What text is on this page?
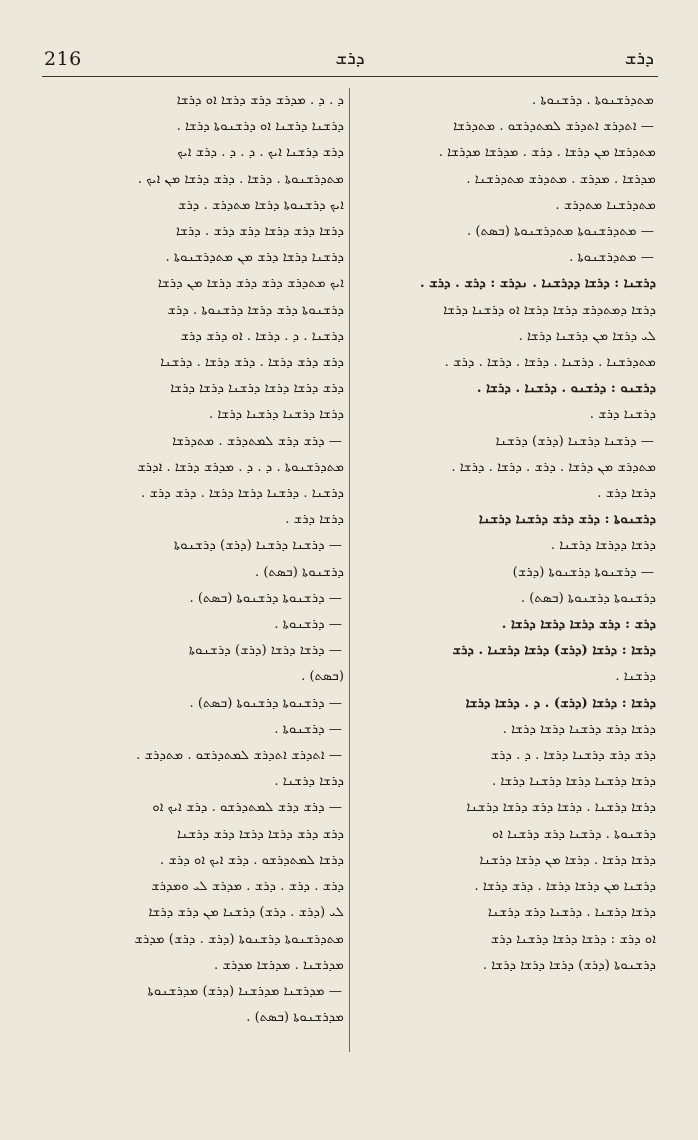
216	ܕܪܫ	ܕܪܫ
ܡܬܕܪܫܢܘܬܐ . ܕܪܫܢܘܬܐ .
— ܐܬܕܪܫ ܐܬܕܪܫ ܠܡܬܕܪܫܘ . ܡܬܕܪܫܐ
ܡܬܕܪܫܐ ܡܢ ܕܪܫܐ . ܕܪܫ . ܡܕܪܫܐ ܡܕܪܫܐ .
ܡܕܪܫܐ . ܡܕܪܫ . ܡܬܕܪܫ ܡܬܕܪܫܢܐ .
ܡܬܕܪܫܢܐ ܡܬܕܪܫ .
— ܡܬܕܪܫܢܘܬܐ ܡܬܕܪܫܢܘܬܐ (ܒܣܬ) .
— ܡܬܕܪܫܢܘܬܐ .
ܕܪܫܢܐ : ܕܪܫܐ ܕܕܪܫܢܐ . ܢܕܪܫ : ܕܪܫ . ܕܪܫ .
ܕܪܫܐ ܕܡܬܕܪܫ ܕܪܫܐ ܕܪܫܐ ܐܘ ܕܪܫܢܐ ܕܪܫܐ
ܠܝ ܕܪܫܐ ܡܢ ܕܪܫܢܐ ܕܪܫܐ .
ܡܬܕܪܫܢܐ . ܕܪܫܢܐ . ܕܪܫܐ . ܕܪܫܐ . ܕܪܫ .
ܕܪܫܢܘ : ܕܪܫܢܘ . ܕܪܫܢܐ . ܕܪܫܐ .
ܕܪܫܢܐ ܕܪܫ .
— ܕܪܫܢܐ ܕܪܫܢܐ (ܕܪܫ) ܕܪܫܢܐ
ܡܬܕܪܫ ܡܢ ܕܪܫܐ . ܕܪܫ . ܕܪܫܐ . ܕܪܫܐ .
ܕܪܫܐ ܕܪܫ .
ܕܪܫܢܘܬܐ : ܕܪܫ ܕܪܫ ܕܪܫܢܐ ܕܪܫܢܐ
ܕܪܫܐ ܕܕܪܫܐ ܕܪܫܢܐ .
— ܕܪܫܢܘܬܐ ܕܪܫܢܘܬܐ (ܕܪܫ)
ܕܪܫܢܘܬܐ ܕܪܫܢܘܬܐ (ܒܣܬ) .
ܕܪܫ : ܕܪܫ ܕܪܫܐ ܕܪܫܐ ܕܪܫܐ .
ܕܪܫܐ : ܕܪܫܐ (ܕܪܫ) ܕܪܫܐ ܕܪܫܢܐ . ܕܪܫ
ܕܪܫܢܐ .
ܕܪܫܐ : ܕܪܫܐ (ܕܪܫ) . ܕ . ܕܪܫܐ ܕܪܫܐ
ܕܪܫܐ ܕܪܫ ܕܪܫܢܐ ܕܪܫܐ ܕܪܫܐ .
ܕܪܫ ܕܪܫ ܕܪܫܢܐ ܕܪܫܐ . ܕ . ܕܪܫ
ܕܪܫܐ ܕܪܫܢܐ ܕܪܫܐ ܕܪܫܢܐ ܕܪܫܐ .
ܕܪܫܐ ܕܪܫܢܐ . ܕܪܫܐ ܕܪܫ ܕܪܫܐ ܕܪܫܢܐ
ܕܪܫܢܘܬܐ . ܕܪܫܢܐ ܕܪܫ ܕܪܫܢܐ ܐܘ
ܕܪܫܐ ܕܪܫܐ . ܕܪܫܐ ܡܢ ܕܪܫܐ ܕܪܫܢܐ
ܕܪܫܢܐ ܡܢ ܕܪܫܐ ܕܪܫܐ . ܕܪܫ ܕܪܫܐ .
ܕܪܫܐ ܕܪܫܢܐ . ܕܪܫܢܐ ܕܪܫ ܕܪܫܢܐ
ܐܘ ܕܪܫ : ܕܪܫܐ ܕܪܫܐ ܕܪܫܢܐ ܕܪܫ
ܕܪܫܢܘܬܐ (ܕܪܫ) ܕܪܫܐ ܕܪܫܐ ܕܪܫܐ .
ܕ . ܕ . ܡܕܪܫ ܕܪܫ ܕܪܫܐ ܐܘ ܕܪܫܐ
ܕܪܫܢܐ ܕܪܫܢܐ ܐܘ ܕܪܫܢܘܬܐ ܕܪܫܐ .
ܕܪܫ ܕܪܫܢܐ ܐܝܟ . ܕ . ܕ . ܕܪܫ ܐܝܟ
ܡܬܕܪܫܢܘܬܐ . ܕܪܫܐ . ܕܪܫ ܕܪܫܐ ܡܢ ܐܝܟ .
ܐܝܟ ܕܪܫܢܘܬܐ ܕܪܫܐ ܡܬܕܪܫ . ܕܪܫ
ܕܪܫܐ ܕܪܫ ܕܪܫܐ ܕܪܫ ܕܪܫ . ܕܪܫܐ
ܕܪܫܢܐ ܕܪܫܐ ܕܪܫ ܡܢ ܡܬܕܪܫܢܘܬܐ .
ܐܝܟ ܡܬܕܪܫ ܕܪܫ ܕܪܫ ܕܪܫܐ ܡܢ ܕܪܫܐ
ܕܪܫܢܘܬܐ ܕܪܫ ܕܪܫܐ ܕܪܫܢܘܬܐ . ܕܪܫ
ܕܪܫܢܐ . ܕ . ܕܪܫܐ . ܐܘ ܕܪܫ ܕܪܫ
ܕܪܫ ܕܪܫ ܕܪܫܐ . ܕܪܫ ܕܪܫܐ . ܕܪܫܢܐ
ܕܪܫ ܕܪܫܐ ܕܪܫܐ ܕܪܫܢܐ ܕܪܫܐ ܕܪܫܐ
ܕܪܫܐ ܕܪܫܢܐ ܕܪܫܢܐ ܕܪܫܐ .
— ܕܪܫ ܕܪܫ ܠܡܬܕܪܫ . ܡܬܕܪܫܐ
ܡܬܕܪܫܢܘܬܐ . ܕ . ܕ . ܡܕܪܫ ܕܪܫܐ . ܐܕܪܫ
ܕܪܫܢܐ . ܕܪܫܢܐ ܕܪܫܐ ܕܪܫܐ . ܕܪܫ ܕܪܫ .
ܕܪܫܐ ܕܪܫ .
— ܕܪܫܢܐ ܕܪܫܢܐ (ܕܪܫ) ܕܪܫܢܘܬܐ
ܕܪܫܢܘܬܐ (ܒܣܬ) .
— ܕܪܫܢܘܬܐ ܕܪܫܢܘܬܐ (ܒܣܬ) .
— ܕܪܫܢܘܬܐ .
— ܕܪܫܐ ܕܪܫܐ (ܕܪܫ) ܕܪܫܢܘܬܐ
(ܒܣܬ) .
— ܕܪܫܢܘܬܐ ܕܪܫܢܘܬܐ (ܒܣܬ) .
— ܕܪܫܢܘܬܐ .
— ܐܬܕܪܫ ܐܬܕܪܫ ܠܡܬܕܪܫܘ . ܡܬܕܪܫ .
ܕܪܫܐ ܕܪܫܢܐ .
— ܕܪܫ ܕܪܫ ܠܡܬܕܪܫܘ . ܕܪܫ ܐܝܟ ܐܘ
ܕܪܫ ܕܪܫ ܕܪܫܐ ܕܪܫܐ ܕܪܫ ܕܪܫܢܐ
ܕܪܫܐ ܠܡܬܕܪܫܘ . ܕܪܫ ܐܝܟ ܐܘ ܕܪܫ .
ܕܪܫ . ܕܪܫ . ܕܪܫ . ܡܕܪܫ ܠܝ ܘܡܕܪܫ
ܠܝ (ܕܪܫ . ܕܪܫ) ܕܪܫܢܐ ܡܢ ܕܪܫ ܕܪܫܐ
ܡܬܕܪܫܢܘܬܐ ܕܪܫܢܘܬܐ (ܕܪܫ . ܕܪܫ) ܡܕܪܫ
ܡܕܪܫܢܐ . ܡܕܪܫܐ ܡܕܪܫ .
— ܡܕܪܫܢܐ ܡܕܪܫܢܐ (ܕܪܫ) ܡܕܪܫܢܘܬܐ
ܡܕܪܫܢܘܬܐ (ܒܣܬ) .
